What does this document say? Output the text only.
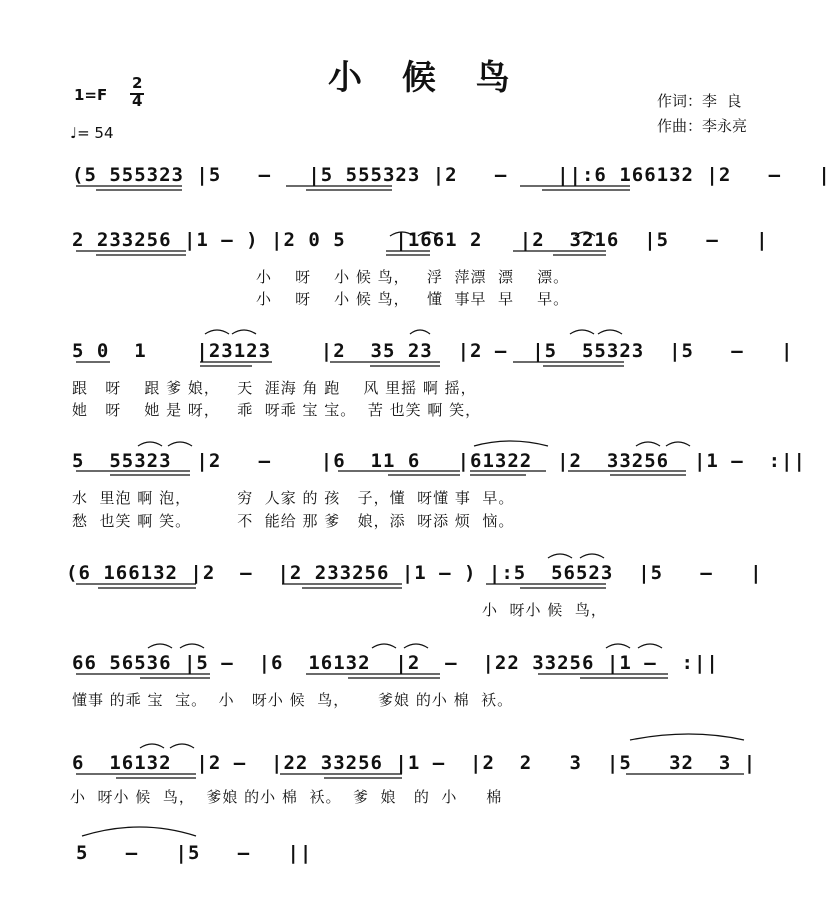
小 候 鸟
1=F
2
4
♩= 54
作词：李  良
作曲：李永亮
(5 555323 |5   –   |5 555323 |2   –    ||:6 166132 |2   –   |
2 233256 |1 – ) |2 0 5    |1661 2   |2  3216  |5   –   |
小    呀    小 候 鸟，   浮  萍漂  漂    漂。
小    呀    小 候 鸟，   懂  事早  早    早。
5 0  1    |23123    |2  35 23  |2 –  |5  55323  |5   –   |
跟   呀    跟 爹 娘，   天  涯海 角 跑    风 里摇 啊 摇，
她   呀    她 是 呀，   乖  呀乖 宝 宝。  苦 也笑 啊 笑，
5  55323  |2   –    |6  11 6   |61322  |2  33256  |1 –  :||
水  里泡 啊 泡，        穷  人家 的 孩   子，懂  呀懂 事  早。
愁  也笑 啊 笑。        不  能给 那 爹   娘，添  呀添 烦  恼。
(6 166132 |2  –  |2 233256 |1 – ) |:5  56523  |5   –   |
小  呀小 候  鸟，
66 56536 |5 –  |6  16132  |2  –  |22 33256 |1 –  :||
懂事 的乖 宝  宝。  小   呀小 候  鸟，     爹娘 的小 棉  袄。
6  16132  |2 –  |22 33256 |1 –  |2  2   3  |5   32  3 |
小  呀小 候  鸟，  爹娘 的小 棉  袄。  爹  娘   的  小     棉
5   –   |5   –   ||
